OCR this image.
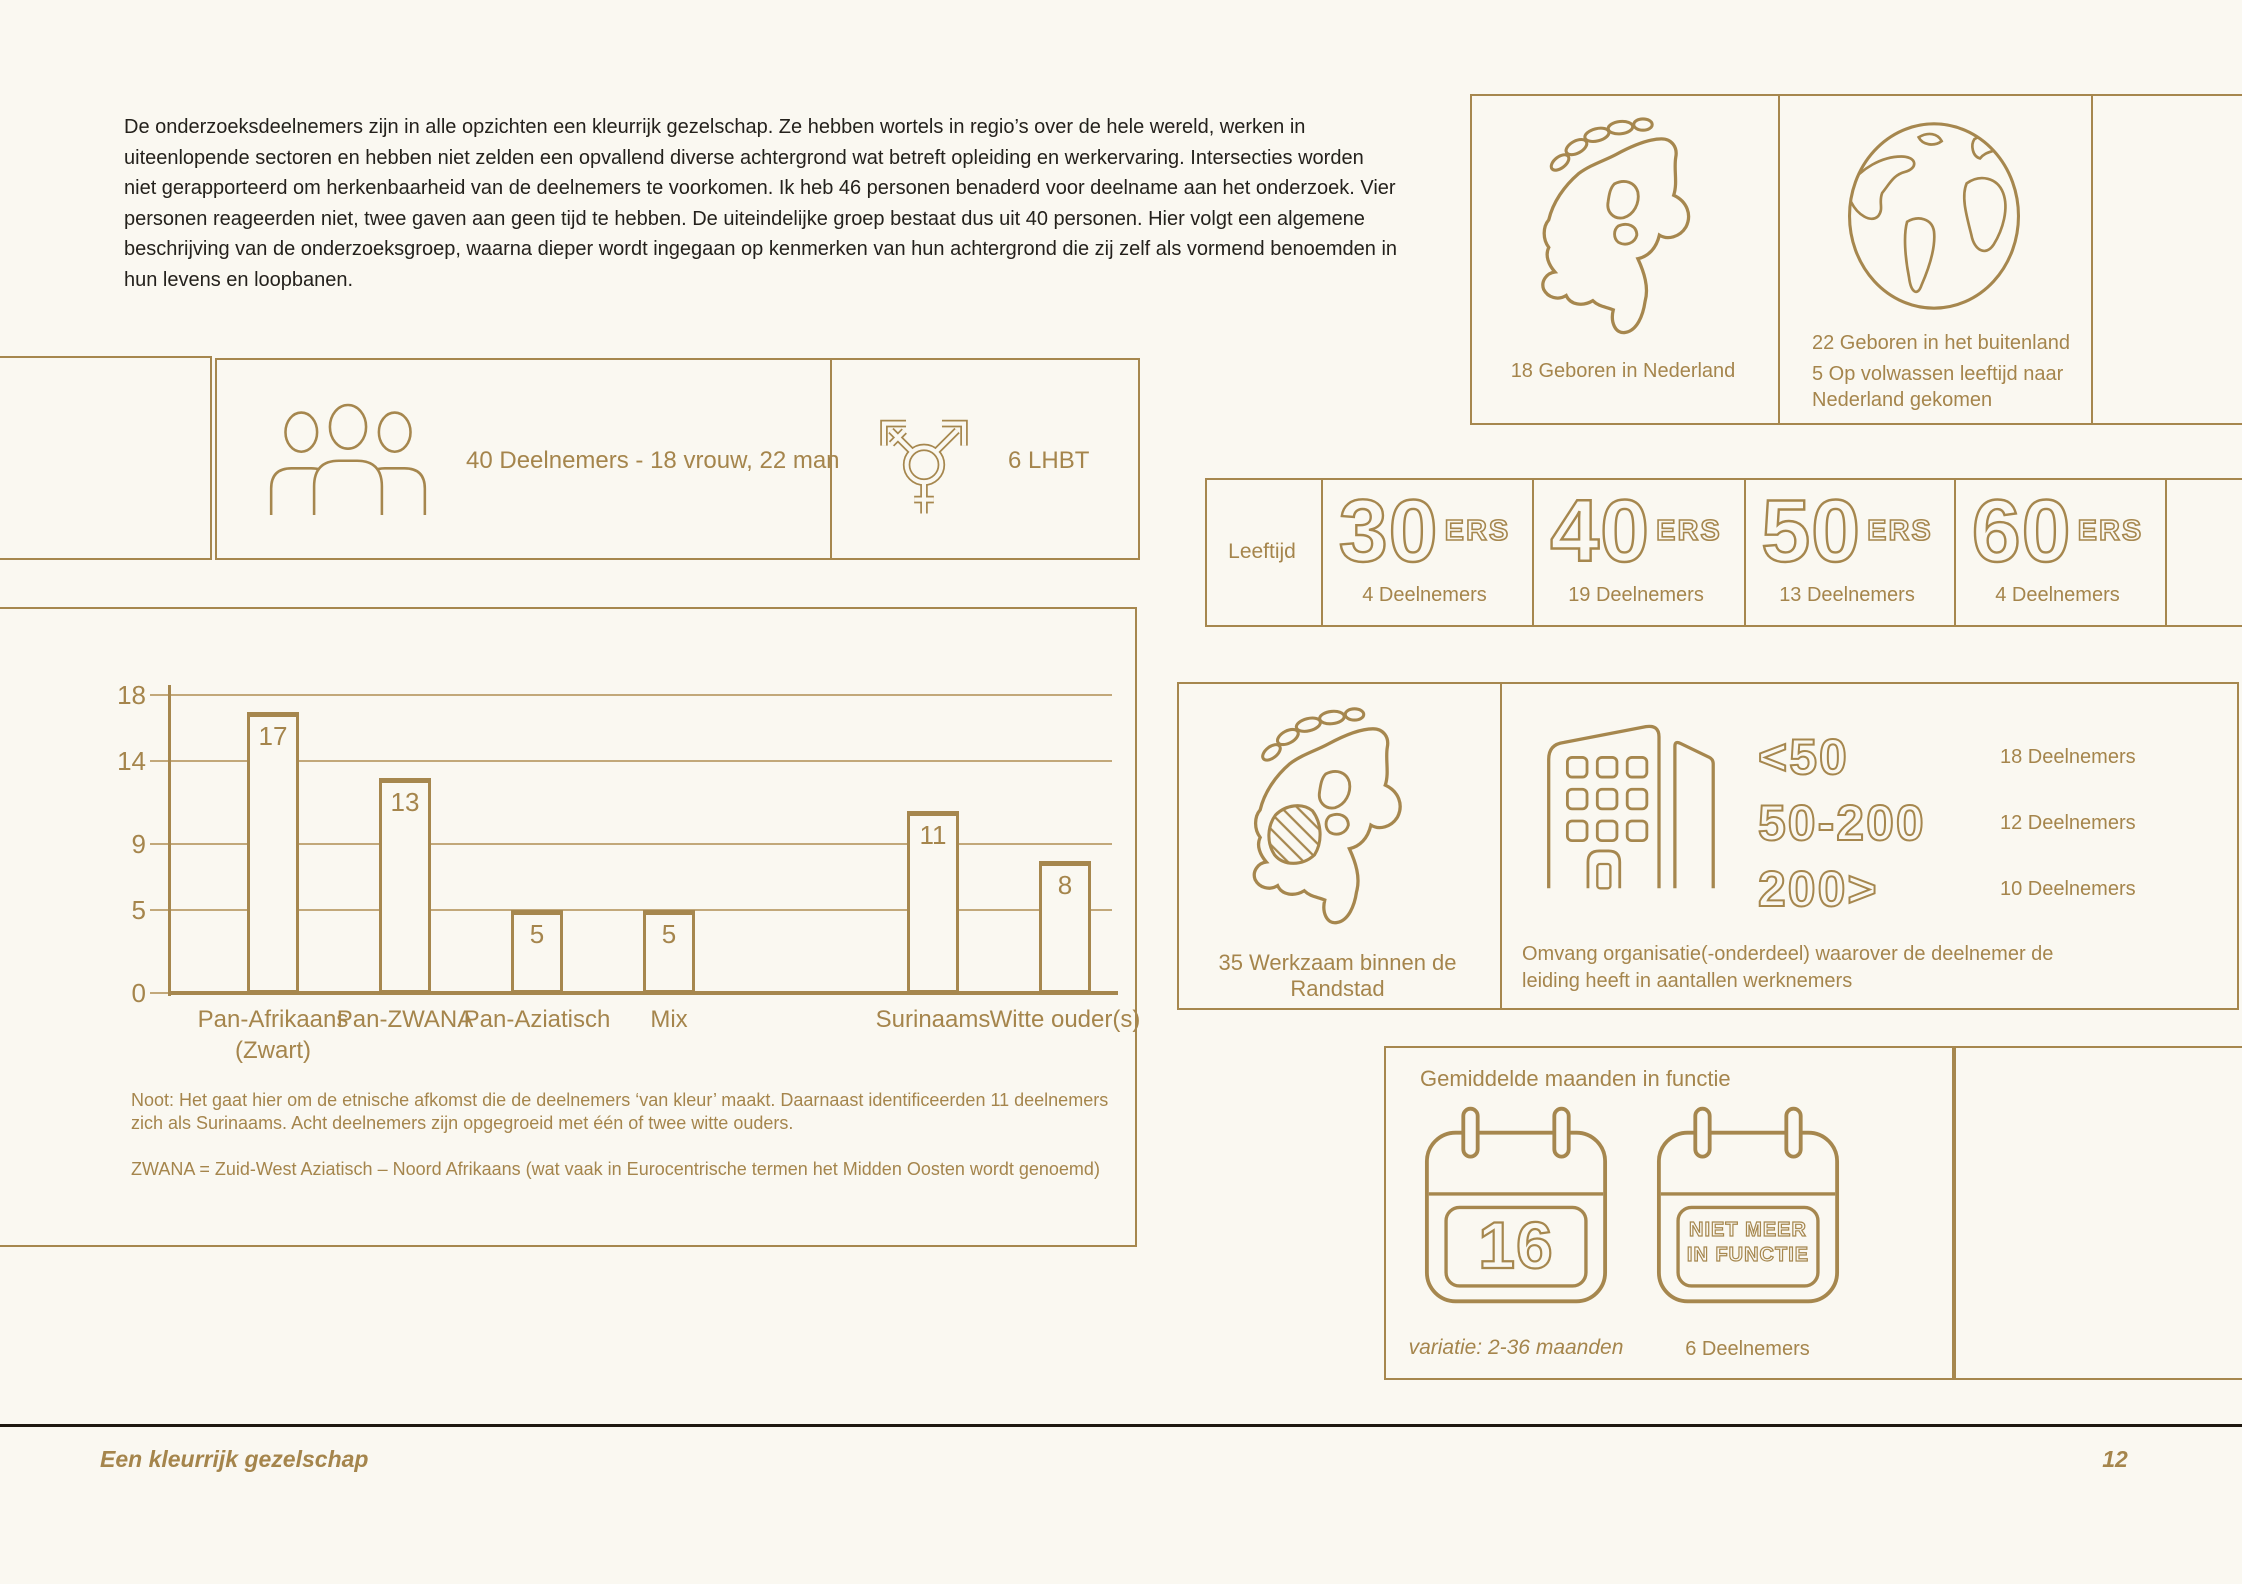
De onderzoeksdeelnemers zijn in alle opzichten een kleurrijk gezelschap. Ze hebben wortels in regio’s over de hele wereld, werken in uiteenlopende sectoren en hebben niet zelden een opvallend diverse achtergrond wat betreft opleiding en werkervaring. Intersecties worden niet gerapporteerd om herkenbaarheid van de deelnemers te voorkomen. Ik heb 46 personen benaderd voor deelname aan het onderzoek. Vier personen reageerden niet, twee gaven aan geen tijd te hebben. De uiteindelijke groep bestaat dus uit 40 personen. Hier volgt een algemene beschrijving van de onderzoeksgroep, waarna dieper wordt ingegaan op kenmerken van hun achtergrond die zij zelf als vormend benoemden in hun levens en loopbanen.
18 Geboren in Nederland
22 Geboren in het buitenland
5 Op volwassen leeftijd naar Nederland gekomen
40 Deelnemers - 18 vrouw, 22 man	6 LHBT
Leeftijd 30 ERS
4 Deelnemers
40 ERS
19 Deelnemers
50 ERS
13 Deelnemers
60 ERS
4 Deelnemers
18
14
9
5
0
17
Pan-Afrikaans
(Zwart)
13
Pan-ZWANA
5
Pan-Aziatisch
5
Mix
11
Surinaams
8
Witte ouder(s)
Noot: Het gaat hier om de etnische afkomst die de deelnemers ‘van kleur’ maakt. Daarnaast identificeerden 11 deelnemers zich als Surinaams. Acht deelnemers zijn opgegroeid met één of twee witte ouders.
ZWANA = Zuid-West Aziatisch – Noord Afrikaans (wat vaak in Eurocentrische termen het Midden Oosten wordt genoemd)
35 Werkzaam binnen de Randstad
<50	18 Deelnemers
50-200	12 Deelnemers
200>	10 Deelnemers
Omvang organisatie(-onderdeel) waarover de deelnemer de leiding heeft in aantallen werknemers
Gemiddelde maanden in functie
16	NIET MEER
IN FUNCTIE
variatie: 2-36 maanden	6 Deelnemers
Een kleurrijk gezelschap	12
